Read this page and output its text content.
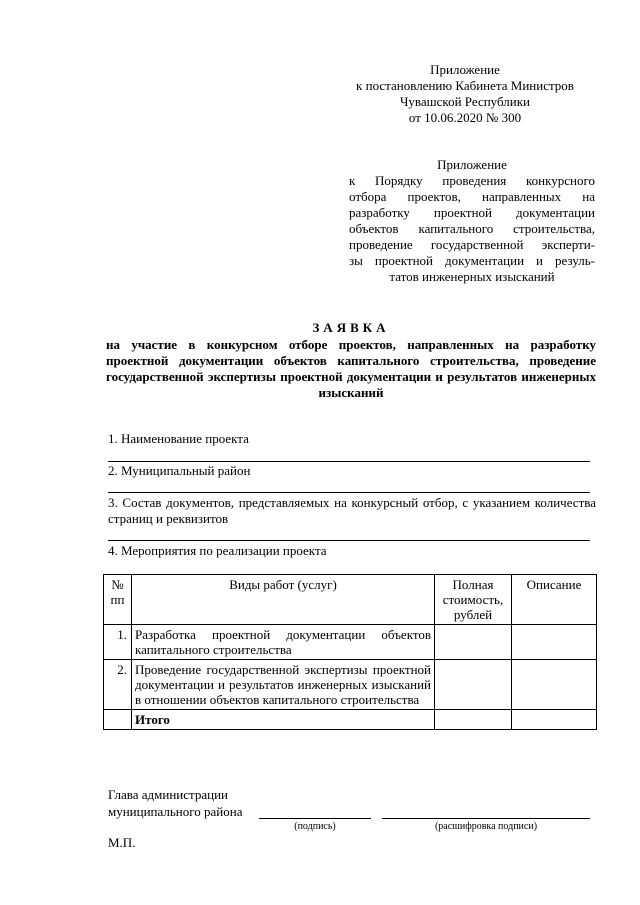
Приложение
к постановлению Кабинета Министров
Чувашской Республики
от 10.06.2020 № 300
Приложение
к Порядку проведения конкурсного
отбора проектов, направленных на
разработку проектной документации
объектов капитального строительства,
проведение государственной эксперти-
зы проектной документации и резуль-
татов инженерных изысканий
ЗАЯВКА
на участие в конкурсном отборе проектов, направленных на разработку проектной документации объектов капитального строительства, проведение государственной экспертизы проектной документации и результатов инженерных изысканий
1. Наименование проекта
2. Муниципальный район
3. Состав документов, представляемых на конкурсный отбор, с указанием количества страниц и реквизитов
4. Мероприятия по реализации проекта
№ пп	Виды работ (услуг)	Полная стоимость, рублей	Описание
1.	Разработка проектной документации объектов капитального строительства		
2.	Проведение государственной экспертизы проектной документации и результатов инженерных изысканий в отношении объектов капитального строительства		
	Итого		
Глава администрации
муниципального района
(подпись)	(расшифровка подписи)
М.П.
